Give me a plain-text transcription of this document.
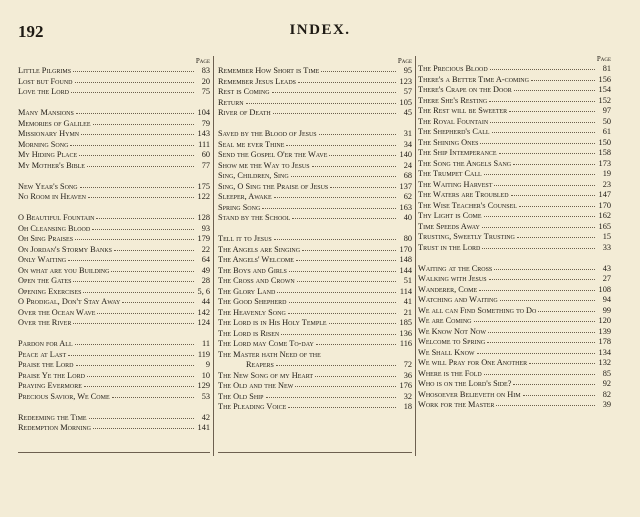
192	INDEX.
Page
Little Pilgrims	83
Lost but Found	20
Love the Lord	75
Many Mansions	104
Memories of Galilee	79
Missionary Hymn	143
Morning Song	111
My Hiding Place	60
My Mother's Bible	77
New Year's Song	175
No Room in Heaven	122
O Beautiful Fountain	128
Oh Cleansing Blood	93
Oh Sing Praises	179
On Jordan's Stormy Banks	22
Only Waiting	64
On what are you Building	49
Open the Gates	28
Opening Exercises	5, 6
O Prodigal, Don't Stay Away	44
Over the Ocean Wave	142
Over the River	124
Pardon for All	11
Peace at Last	119
Praise the Lord	9
Praise Ye the Lord	10
Praying Evermore	129
Precious Savior, We Come	53
Redeeming the Time	42
Redemption Morning	141
Page
Remember How Short is Time	95
Remember Jesus Leads	123
Rest is Coming	57
Return	105
River of Death	45
Saved by the Blood of Jesus	31
Seal me ever Thine	34
Send the Gospel O'er the Wave	140
Show me the Way to Jesus	24
Sing, Children, Sing	68
Sing, O Sing the Praise of Jesus	137
Sleeper, Awake	62
Spring Song	163
Stand by the School	40
Tell it to Jesus	80
The Angels are Singing	170
The Angels' Welcome	148
The Boys and Girls	144
The Cross and Crown	51
The Glory Land	114
The Good Shepherd	41
The Heavenly Song	21
The Lord is in His Holy Temple	185
The Lord is Risen	136
The Lord may Come To-day	116
The Master hath Need of the
Reapers	72
The New Song of my Heart	36
The Old and the New	176
The Old Ship	32
The Pleading Voice	18
Page
The Precious Blood	81
There's a Better Time A-coming	156
There's Crape on the Door	154
There She's Resting	152
The Rest will be Sweeter	97
The Royal Fountain	50
The Shepherd's Call	61
The Shining Ones	150
The Ship Intemperance	158
The Song the Angels Sang	173
The Trumpet Call	19
The Waiting Harvest	23
The Waters are Troubled	147
The Wise Teacher's Counsel	170
Thy Light is Come	162
Time Speeds Away	165
Trusting, Sweetly Trusting	15
Trust in the Lord	33
Waiting at the Cross	43
Walking with Jesus	27
Wanderer, Come	108
Watching and Waiting	94
We all can Find Something to Do	99
We are Coming	120
We Know Not Now	139
Welcome to Spring	178
We Shall Know	134
We will Pray for One Another	132
Where is the Fold	85
Who is on the Lord's Side?	92
Whosoever Believeth on Him	82
Work for the Master	39
